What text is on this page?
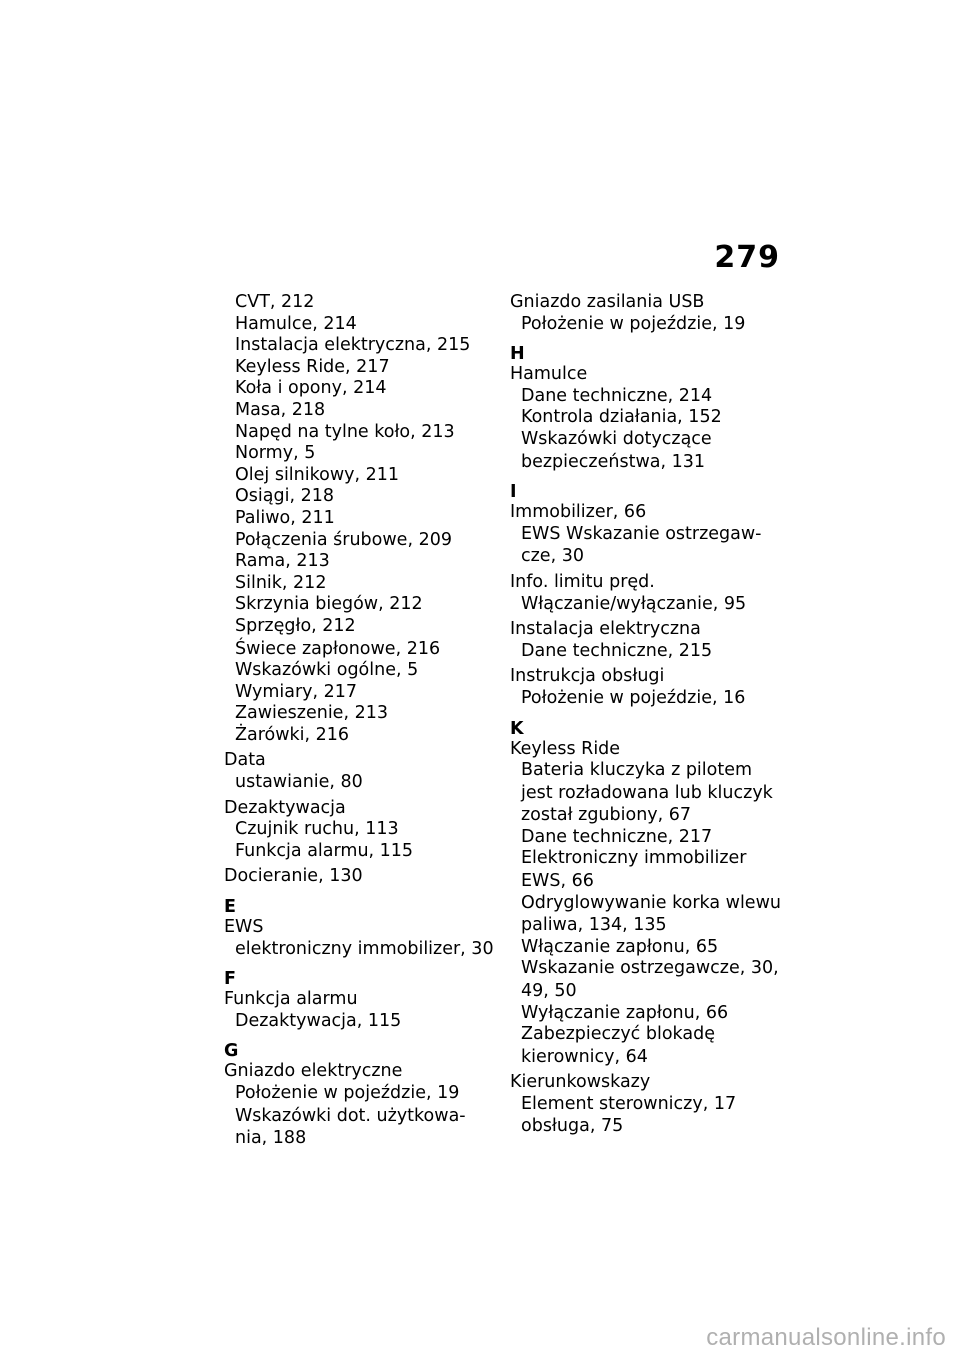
279
CVT, 212
Hamulce, 214
Instalacja elektryczna, 215
Keyless Ride, 217
Koła i opony, 214
Masa, 218
Napęd na tylne koło, 213
Normy, 5
Olej silnikowy, 211
Osiągi, 218
Paliwo, 211
Połączenia śrubowe, 209
Rama, 213
Silnik, 212
Skrzynia biegów, 212
Sprzęgło, 212
Świece zapłonowe, 216
Wskazówki ogólne, 5
Wymiary, 217
Zawieszenie, 213
Żarówki, 216
Data
ustawianie, 80
Dezaktywacja
Czujnik ruchu, 113
Funkcja alarmu, 115
Docieranie, 130
E
EWS
elektroniczny immobilizer, 30
F
Funkcja alarmu
Dezaktywacja, 115
G
Gniazdo elektryczne
Położenie w pojeździe, 19
Wskazówki dot. użytkowa-
nia, 188
Gniazdo zasilania USB
Położenie w pojeździe, 19
H
Hamulce
Dane techniczne, 214
Kontrola działania, 152
Wskazówki dotyczące
bezpieczeństwa, 131
I
Immobilizer, 66
EWS Wskazanie ostrzegaw-
cze, 30
Info. limitu pręd.
Włączanie/wyłączanie, 95
Instalacja elektryczna
Dane techniczne, 215
Instrukcja obsługi
Położenie w pojeździe, 16
K
Keyless Ride
Bateria kluczyka z pilotem
jest rozładowana lub kluczyk
został zgubiony, 67
Dane techniczne, 217
Elektroniczny immobilizer
EWS, 66
Odryglowywanie korka wlewu
paliwa, 134, 135
Włączanie zapłonu, 65
Wskazanie ostrzegawcze, 30,
49, 50
Wyłączanie zapłonu, 66
Zabezpieczyć blokadę
kierownicy, 64
Kierunkowskazy
Element sterowniczy, 17
obsługa, 75
carmanualsonline.info
